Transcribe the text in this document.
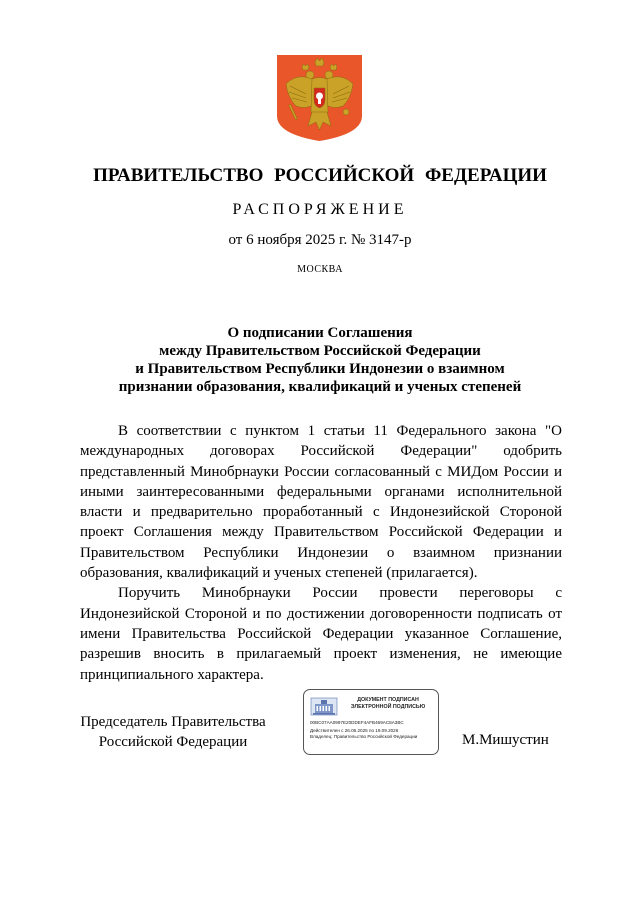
ПРАВИТЕЛЬСТВО РОССИЙСКОЙ ФЕДЕРАЦИИ
РАСПОРЯЖЕНИЕ
от 6 ноября 2025 г. № 3147-р
МОСКВА
О подписании Соглашения
между Правительством Российской Федерации
и Правительством Республики Индонезии о взаимном
признании образования, квалификаций и ученых степеней

В соответствии с пунктом 1 статьи 11 Федерального закона "О международных договорах Российской Федерации" одобрить представленный Минобрнауки России согласованный с МИДом России и иными заинтересованными федеральными органами исполнительной власти и предварительно проработанный с Индонезийской Стороной проект Соглашения между Правительством Российской Федерации и Правительством Республики Индонезии о взаимном признании образования, квалификаций и ученых степеней (прилагается).

Поручить Минобрнауки России провести переговоры с Индонезийской Стороной и по достижении договоренности подписать от имени Правительства Российской Федерации указанное Соглашение, разрешив вносить в прилагаемый проект изменения, не имеющие принципиального характера.

Председатель Правительства
Российской Федерации
ДОКУМЕНТ ПОДПИСАН
ЭЛЕКТРОННОЙ ПОДПИСЬЮ
00BC07AA0997E20DDEF4AFB469AC8A3BC
Действителен с 26.06.2025 по 19.09.2026
Владелец: Правительство Российской Федерации	М.Мишустин
